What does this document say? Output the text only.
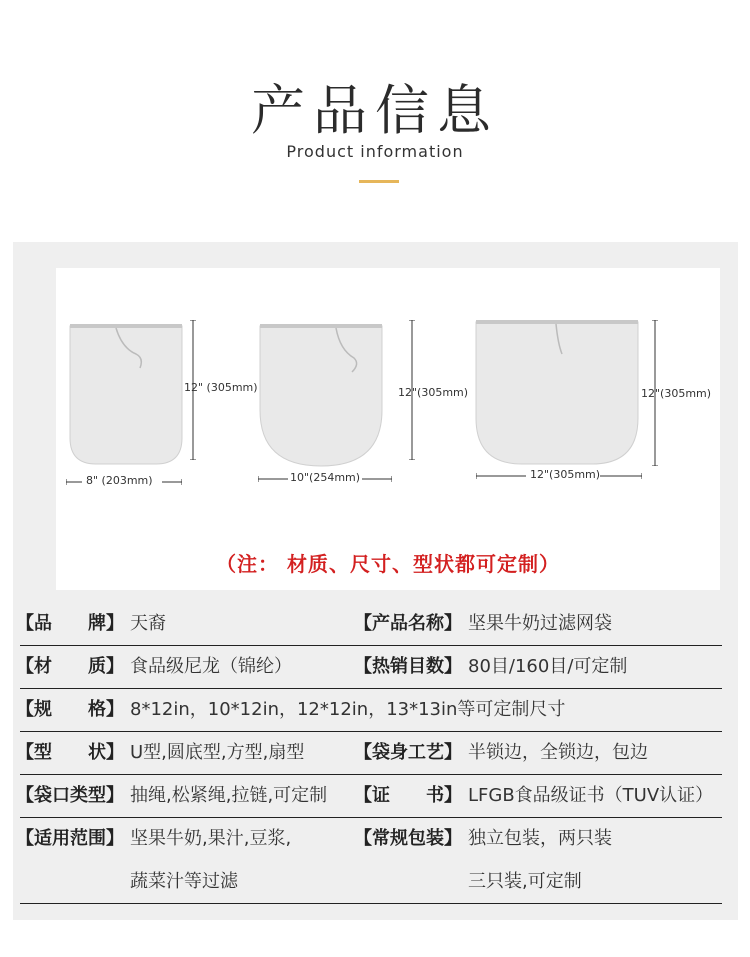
产品信息
Product information
12" (305mm)
8" (203mm)
12"(305mm)
10"(254mm)
12"(305mm)
12"(305mm)
（注： 材质、尺寸、型状都可定制）
【品　　牌】 天裔	【产品名称】 坚果牛奶过滤网袋
【材　　质】 食品级尼龙（锦纶）	【热销目数】 80目/160目/可定制
【规　　格】 8*12in，10*12in，12*12in，13*13in等可定制尺寸
【型　　状】 U型,圆底型,方型,扇型	【袋身工艺】 半锁边，全锁边，包边
【袋口类型】 抽绳,松紧绳,拉链,可定制 【证　　书】 LFGB食品级证书（TUV认证）
【适用范围】 坚果牛奶,果汁,豆浆,	【常规包装】 独立包装，两只装
蔬菜汁等过滤	三只装,可定制
